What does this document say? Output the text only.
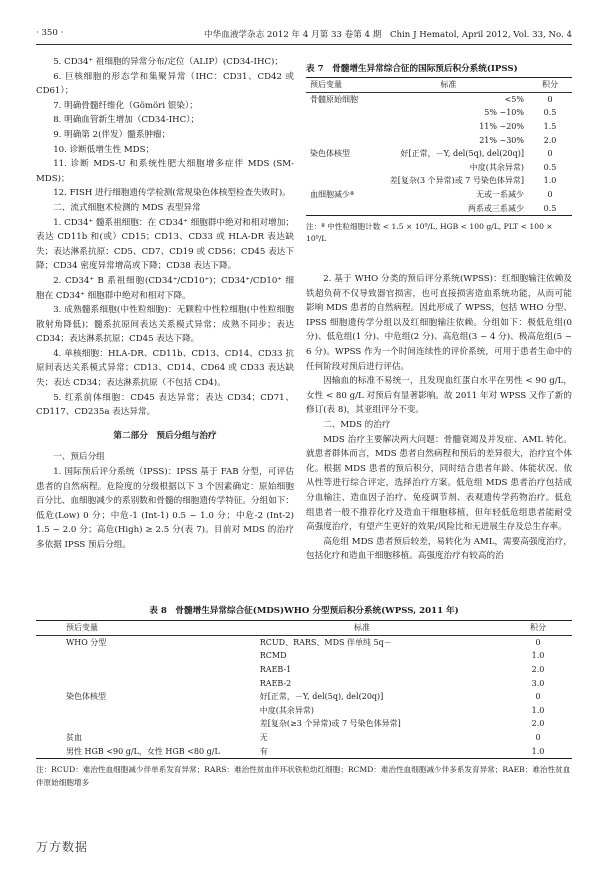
· 350 ·	中华血液学杂志 2012 年 4 月第 33 卷第 4 期　Chin J Hematol, April 2012, Vol. 33, No. 4

5. CD34⁺ 祖细胞的异常分布/定位（ALIP）(CD34-IHC)；

6. 巨核细胞的形态学和集聚异常（IHC：CD31、CD42 或 CD61）；

7. 明确骨髓纤维化（Gömöri 银染）；

8. 明确血管新生增加（CD34-IHC）；

9. 明确第 2(伴发）髓系肿瘤；

10. 诊断低增生性 MDS；

11. 诊断 MDS-U 和系统性肥大细胞增多症伴 MDS (SM-MDS)；

12. FISH 进行细胞遗传学检测(常规染色体核型检查失败时)。

二、流式细胞术检测的 MDS 表型异常

1. CD34⁺ 髓系祖细胞：在 CD34⁺ 细胞群中绝对和相对增加；表达 CD11b 和(或）CD15；CD13、CD33 或 HLA-DR 表达缺失；表达淋系抗原：CD5、CD7、CD19 或 CD56；CD45 表达下降；CD34 密度异常增高或下降；CD38 表达下降。

2. CD34⁺ B 系祖细胞(CD34⁺/CD10⁺)；CD34⁺/CD10⁺ 细胞在 CD34⁺ 细胞群中绝对和相对下降。

3. 成熟髓系细胞(中性粒细胞)：无颗粒中性粒细胞(中性粒细胞散射角降低)；髓系抗原间表达关系模式异常；成熟不同步；表达 CD34；表达淋系抗原；CD45 表达下降。

4. 单核细胞：HLA-DR、CD11b、CD13、CD14、CD33 抗原间表达关系模式异常；CD13、CD14、CD64 或 CD33 表达缺失；表达 CD34；表达淋系抗原（不包括 CD4)。

5. 红系前体细胞：CD45 表达异常；表达 CD34；CD71、CD117、CD235a 表达异常。

第二部分　预后分组与治疗

一、预后分组

1. 国际预后评分系统（IPSS)：IPSS 基于 FAB 分型，可评估患者的自然病程。危险度的分级根据以下 3 个因素确定：原始细胞百分比、血细胞减少的系别数和骨髓的细胞遗传学特征。分组如下：低危(Low) 0 分；中危-1 (Int-1) 0.5 ~ 1.0 分；中危-2 (Int-2) 1.5 ~ 2.0 分；高危(High) ≥ 2.5 分(表 7)。目前对 MDS 的治疗多依据 IPSS 预后分组。

表 7　骨髓增生异常综合征的国际预后积分系统(IPSS)
预后变量	标准	积分
骨髓原始细胞	<5%	0
	5% ~10%	0.5
	11% ~20%	1.5
	21% ~30%	2.0
染色体核型	好[正常，－Y, del(5q), del(20q)]	0
	中度(其余异常)	0.5
	差[复杂(3 个异常)或 7 号染色体异常]	1.0
血细胞减少ª	无或一系减少	0
	两系或三系减少	0.5
注：ª 中性粒细胞计数 < 1.5 × 10⁹/L, HGB < 100 g/L, PLT < 100 × 10⁹/L

2. 基于 WHO 分类的预后评分系统(WPSS)：红细胞输注依赖及铁超负荷不仅导致器官损害，也可直接损害造血系统功能，从而可能影响 MDS 患者的自然病程。因此形成了 WPSS，包括 WHO 分型、IPSS 细胞遗传学分组以及红细胞输注依赖。分组如下：极低危组(0 分)、低危组(1 分)、中危组(2 分)、高危组(3 ~ 4 分)、极高危组(5 ~ 6 分)。WPSS 作为一个时间连续性的评价系统，可用于患者生命中的任何阶段对预后进行评估。

因输血的标准不易统一，且发现血红蛋白水平在男性 < 90 g/L，女性 < 80 g/L 对预后有显著影响。故 2011 年对 WPSS 又作了新的修订(表 8)，其亚组评分不变。

二、MDS 的治疗

MDS 治疗主要解决两大问题：骨髓衰竭及并发症、AML 转化。就患者群体而言，MDS 患者自然病程和预后的差异很大，治疗宜个体化。根据 MDS 患者的预后积分，同时结合患者年龄、体能状况、依从性等进行综合评定，选择治疗方案。低危组 MDS 患者治疗包括成分血输注、造血因子治疗、免疫调节剂、表观遗传学药物治疗。低危组患者一般不推荐化疗及造血干细胞移植，但年轻低危组患者能耐受高强度治疗，有望产生更好的效果/风险比和无进展生存及总生存率。

高危组 MDS 患者预后较差，易转化为 AML，需要高强度治疗，包括化疗和造血干细胞移植。高强度治疗有较高的治

表 8　骨髓增生异常综合征(MDS)WHO 分型预后积分系统(WPSS, 2011 年)
预后变量	标准	积分
WHO 分型	RCUD、RARS、MDS 伴单纯 5q－	0
	RCMD	1.0
	RAEB-1	2.0
	RAEB-2	3.0
染色体核型	好[正常，－Y, del(5q), del(20q)]	0
	中度(其余异常)	1.0
	差[复杂(≥3 个异常)或 7 号染色体异常]	2.0
贫血	无	0
男性 HGB <90 g/L，女性 HGB <80 g/L	有	1.0
注：RCUD：难治性血细胞减少伴单系发育异常；RARS：难治性贫血伴环状铁粒幼红细胞；RCMD：难治性血细胞减少伴多系发育异常；RAEB：难治性贫血伴原始细胞增多
万方数据
